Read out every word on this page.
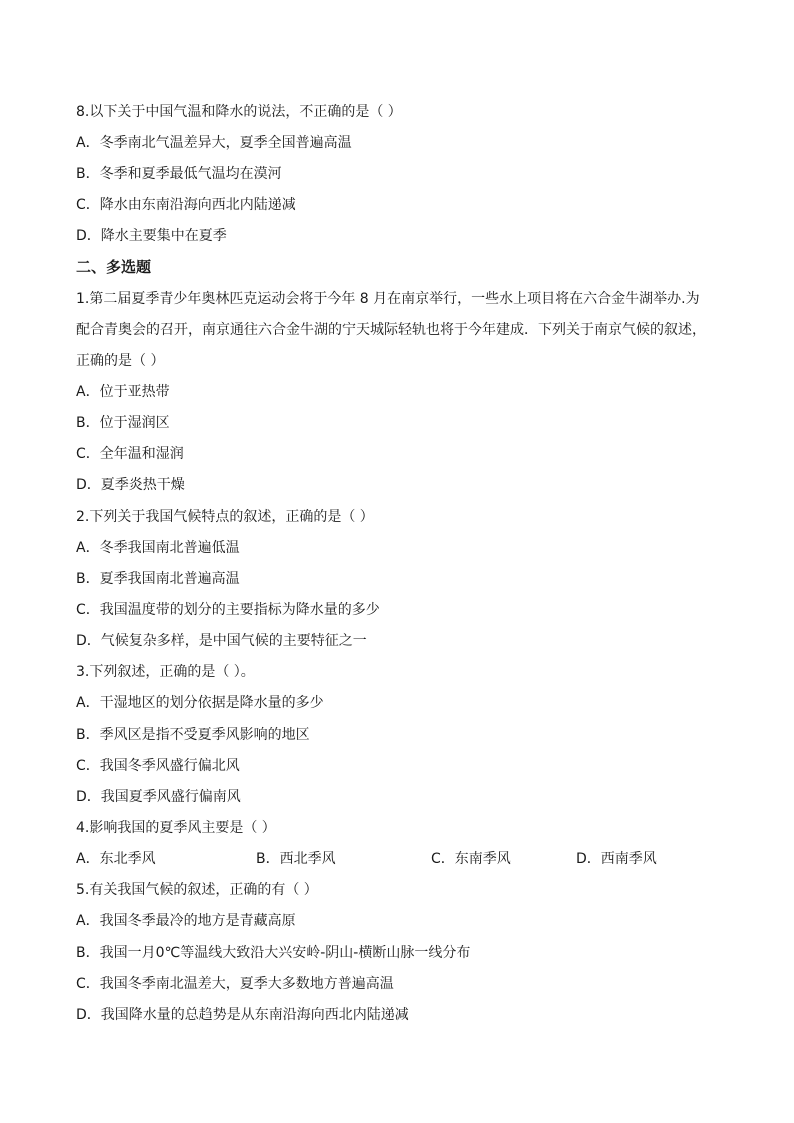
8.以下关于中国气温和降水的说法，不正确的是（ ）
A．冬季南北气温差异大，夏季全国普遍高温
B．冬季和夏季最低气温均在漠河
C．降水由东南沿海向西北内陆递减
D．降水主要集中在夏季
二、多选题
1.第二届夏季青少年奥林匹克运动会将于今年 8 月在南京举行，一些水上项目将在六合金牛湖举办.为
配合青奥会的召开，南京通往六合金牛湖的宁天城际轻轨也将于今年建成．下列关于南京气候的叙述，
正确的是（ ）
A．位于亚热带
B．位于湿润区
C．全年温和湿润
D．夏季炎热干燥
2.下列关于我国气候特点的叙述，正确的是（ ）
A．冬季我国南北普遍低温
B．夏季我国南北普遍高温
C．我国温度带的划分的主要指标为降水量的多少
D．气候复杂多样，是中国气候的主要特征之一
3.下列叙述，正确的是（ ）。
A．干湿地区的划分依据是降水量的多少
B．季风区是指不受夏季风影响的地区
C．我国冬季风盛行偏北风
D．我国夏季风盛行偏南风
4.影响我国的夏季风主要是（ ）
A．东北季风	B．西北季风	C．东南季风	D．西南季风
5.有关我国气候的叙述，正确的有（ ）
A．我国冬季最冷的地方是青藏高原
B．我国一月0℃等温线大致沿大兴安岭-阴山-横断山脉一线分布
C．我国冬季南北温差大，夏季大多数地方普遍高温
D．我国降水量的总趋势是从东南沿海向西北内陆递减
